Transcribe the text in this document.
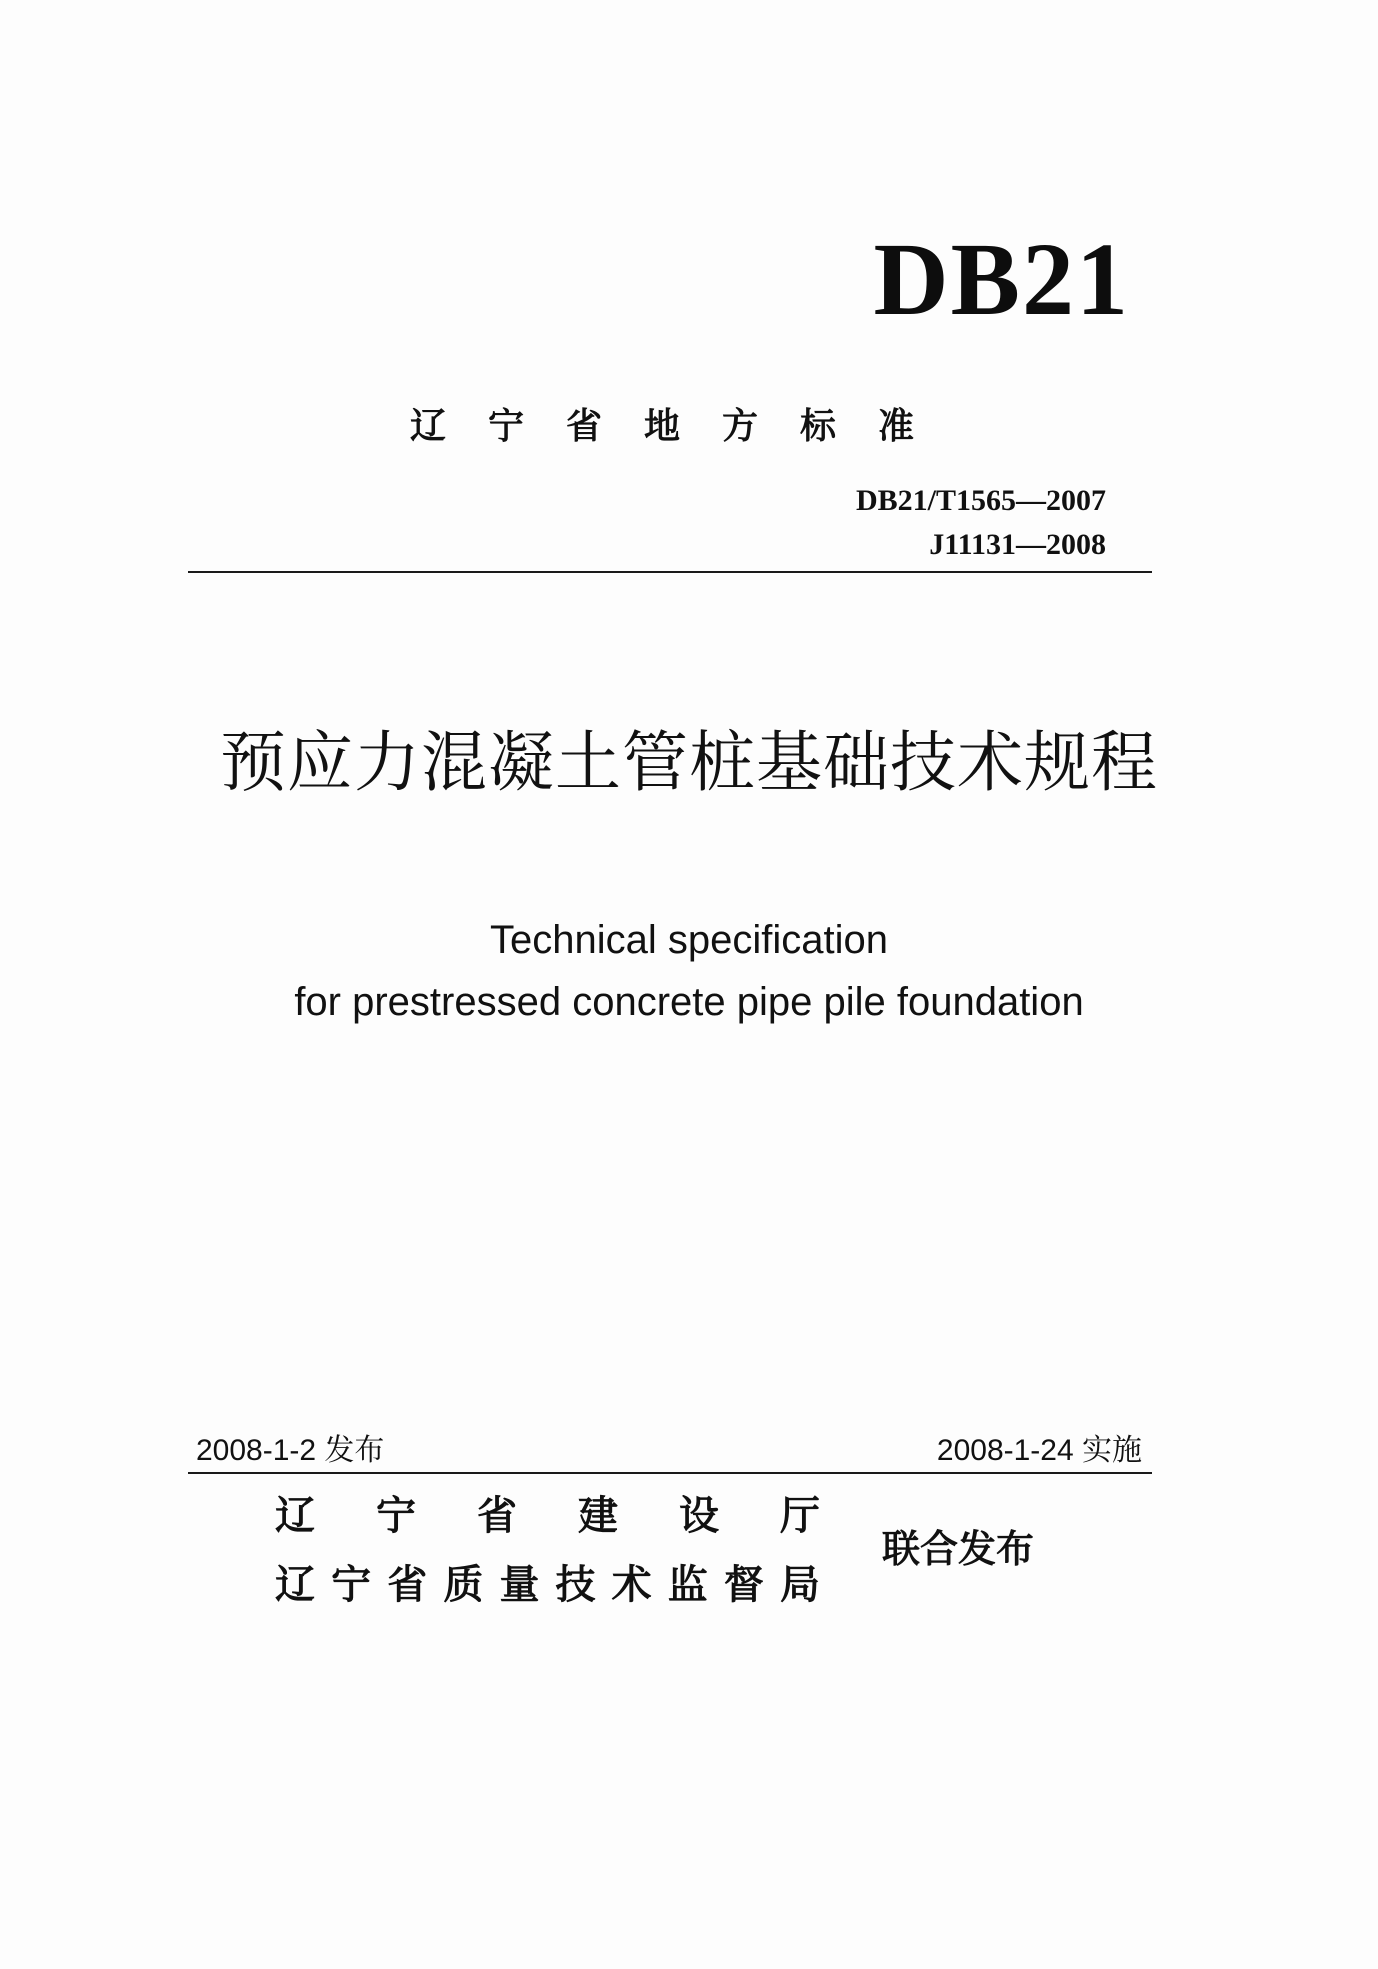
DB21
辽宁省地方标准
DB21/T1565—2007
J11131—2008
预应力混凝土管桩基础技术规程
Technical specification
for prestressed concrete pipe pile foundation
2008-1-2 发布	2008-1-24 实施
辽宁省建设厅
辽宁省质量技术监督局
联合发布
